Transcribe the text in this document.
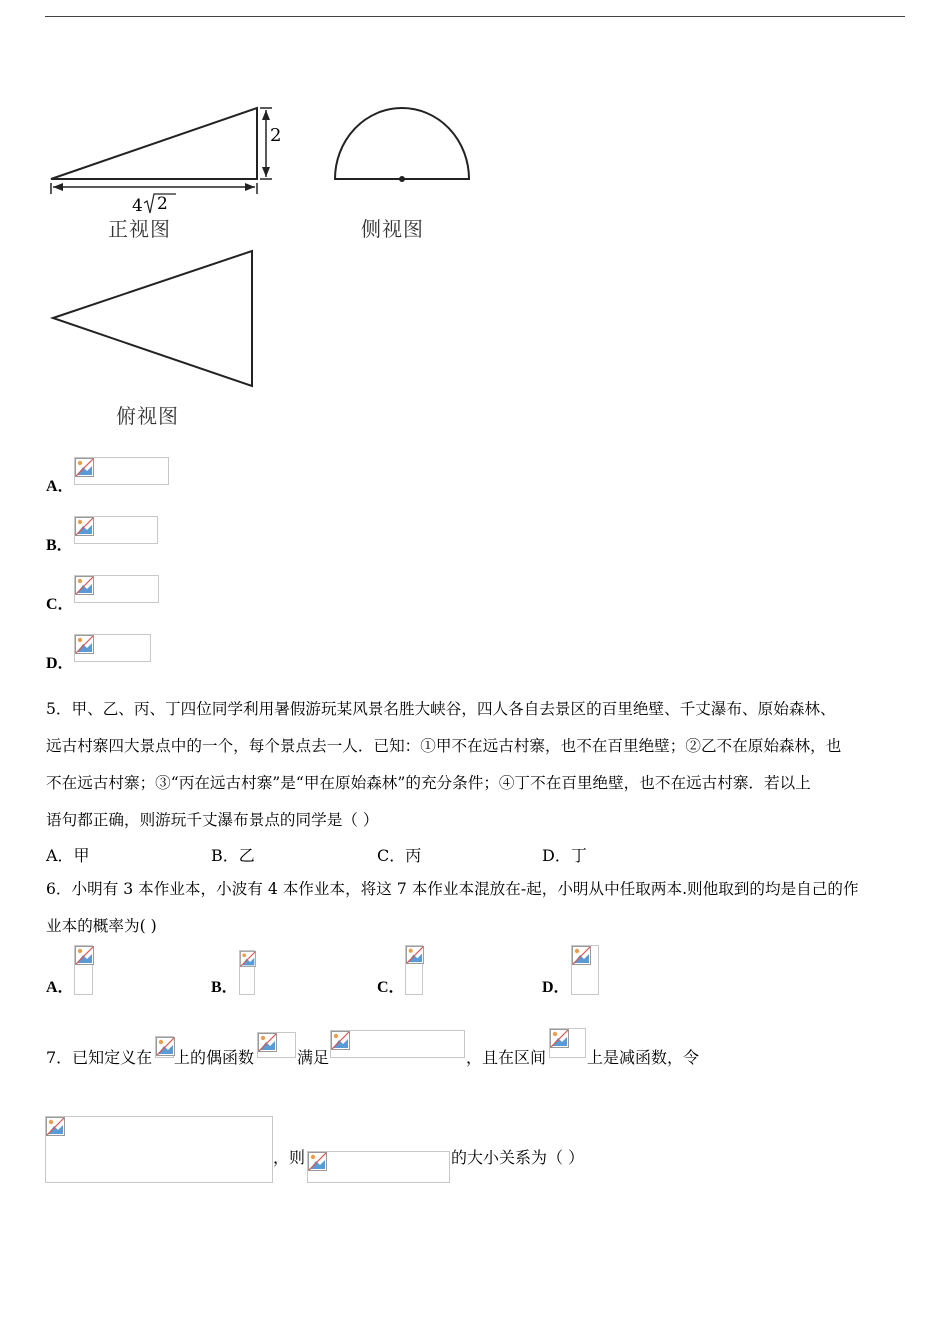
2
4 2
正视图	侧视图
俯视图
A．
B．
C．
D．
5．甲、乙、丙、丁四位同学利用暑假游玩某风景名胜大峡谷，四人各自去景区的百里绝壁、千丈瀑布、原始森林、
远古村寨四大景点中的一个，每个景点去一人．已知：①甲不在远古村寨，也不在百里绝壁；②乙不在原始森林，也
不在远古村寨；③“丙在远古村寨”是“甲在原始森林”的充分条件；④丁不在百里绝壁，也不在远古村寨．若以上
语句都正确，则游玩千丈瀑布景点的同学是（ ）
A．甲	B．乙	C．丙	D．丁
6．小明有 3 本作业本，小波有 4 本作业本，将这 7 本作业本混放在-起，小明从中任取两本.则他取到的均是自己的作
业本的概率为( )
A．	B．	C．	D．
7．已知定义在 上的偶函数	满足	，且在区间	上是减函数，令
，则	的大小关系为（ ）
